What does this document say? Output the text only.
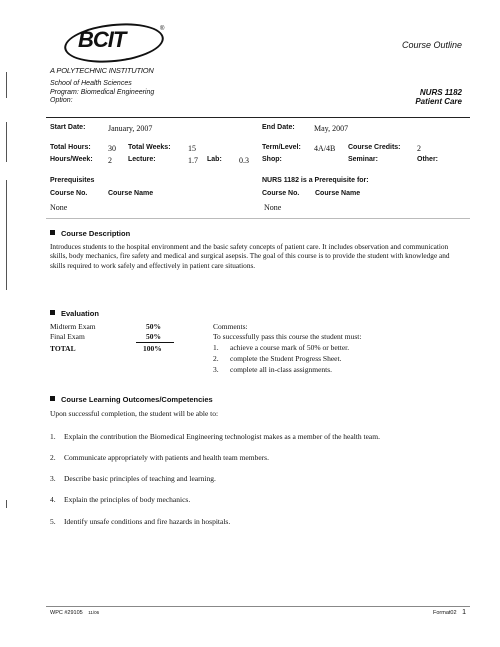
BCIT	®
Course Outline
A POLYTECHNIC INSTITUTION
School of Health Sciences
Program: Biomedical Engineering
Option:
NURS 1182
Patient Care
Start Date:	January, 2007	End Date: May, 2007
Total Hours: 30 Total Weeks: 15	Term/Level: 4A/4B Course Credits: 2
Hours/Week: 2 Lecture:	1.7 Lab: 0.3 Shop:	Seminar:	Other:
Prerequisites
Course No.	Course Name
None
NURS 1182 is a Prerequisite for:
Course No. Course Name
None
Course Description
Introduces students to the hospital environment and the basic safety concepts of patient care. It includes observation and communication skills, body mechanics, fire safety and medical and surgical asepsis. The goal of this course is to provide the student with knowledge and skills required to work safely and effectively in patient care situations.
Evaluation
Midterm Exam	50%
Final Exam	50%
TOTAL	100%
Comments:
To successfully pass this course the student must:
1. achieve a course mark of 50% or better.
2. complete the Student Progress Sheet.
3. complete all in-class assignments.
Course Learning Outcomes/Competencies
Upon successful completion, the student will be able to:
1. Explain the contribution the Biomedical Engineering technologist makes as a member of the health team.
2. Communicate appropriately with patients and health team members.
3. Describe basic principles of teaching and learning.
4. Explain the principles of body mechanics.
5. Identify unsafe conditions and fire hazards in hospitals.
WPC #29105 11/06	Format02 1
